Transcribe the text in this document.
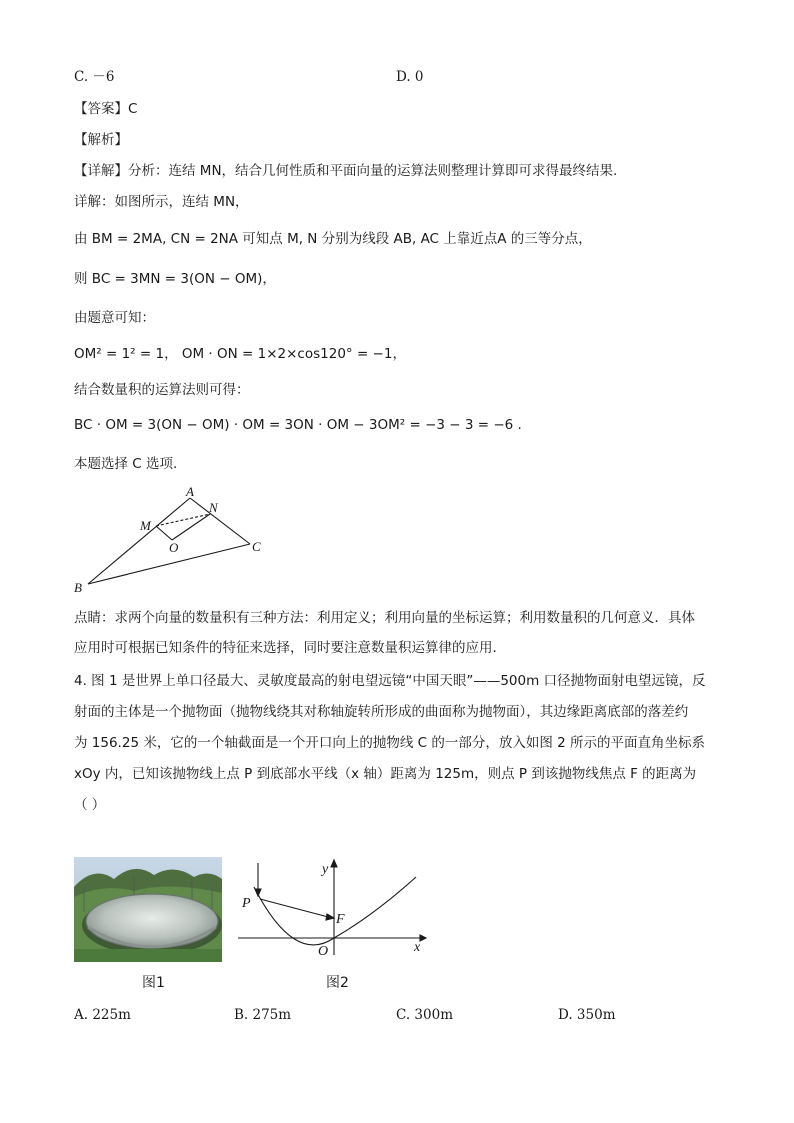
C. －6	D. 0
【答案】C
【解析】
【详解】分析：连结 MN，结合几何性质和平面向量的运算法则整理计算即可求得最终结果.
详解：如图所示，连结 MN，
由 BM = 2MA, CN = 2NA 可知点 M, N 分别为线段 AB, AC 上靠近点A 的三等分点，
则 BC = 3MN = 3(ON − OM)，
由题意可知：
OM² = 1² = 1， OM · ON = 1×2×cos120° = −1，
结合数量积的运算法则可得：
BC · OM = 3(ON − OM) · OM = 3ON · OM − 3OM² = −3 − 3 = −6 .
本题选择 C 选项.
A
N
M
O	C
B
点睛：求两个向量的数量积有三种方法：利用定义；利用向量的坐标运算；利用数量积的几何意义．具体
应用时可根据已知条件的特征来选择，同时要注意数量积运算律的应用．
4. 图 1 是世界上单口径最大、灵敏度最高的射电望远镜“中国天眼”——500m 口径抛物面射电望远镜，反
射面的主体是一个抛物面（抛物线绕其对称轴旋转所形成的曲面称为抛物面），其边缘距离底部的落差约
为 156.25 米，它的一个轴截面是一个开口向上的抛物线 C 的一部分，放入如图 2 所示的平面直角坐标系
xOy 内，已知该抛物线上点 P 到底部水平线（x 轴）距离为 125m，则点 P 到该抛物线焦点 F 的距离为
（ ）
图1
y
x
P
F
O
图2
A. 225m	B. 275m	C. 300m	D. 350m
